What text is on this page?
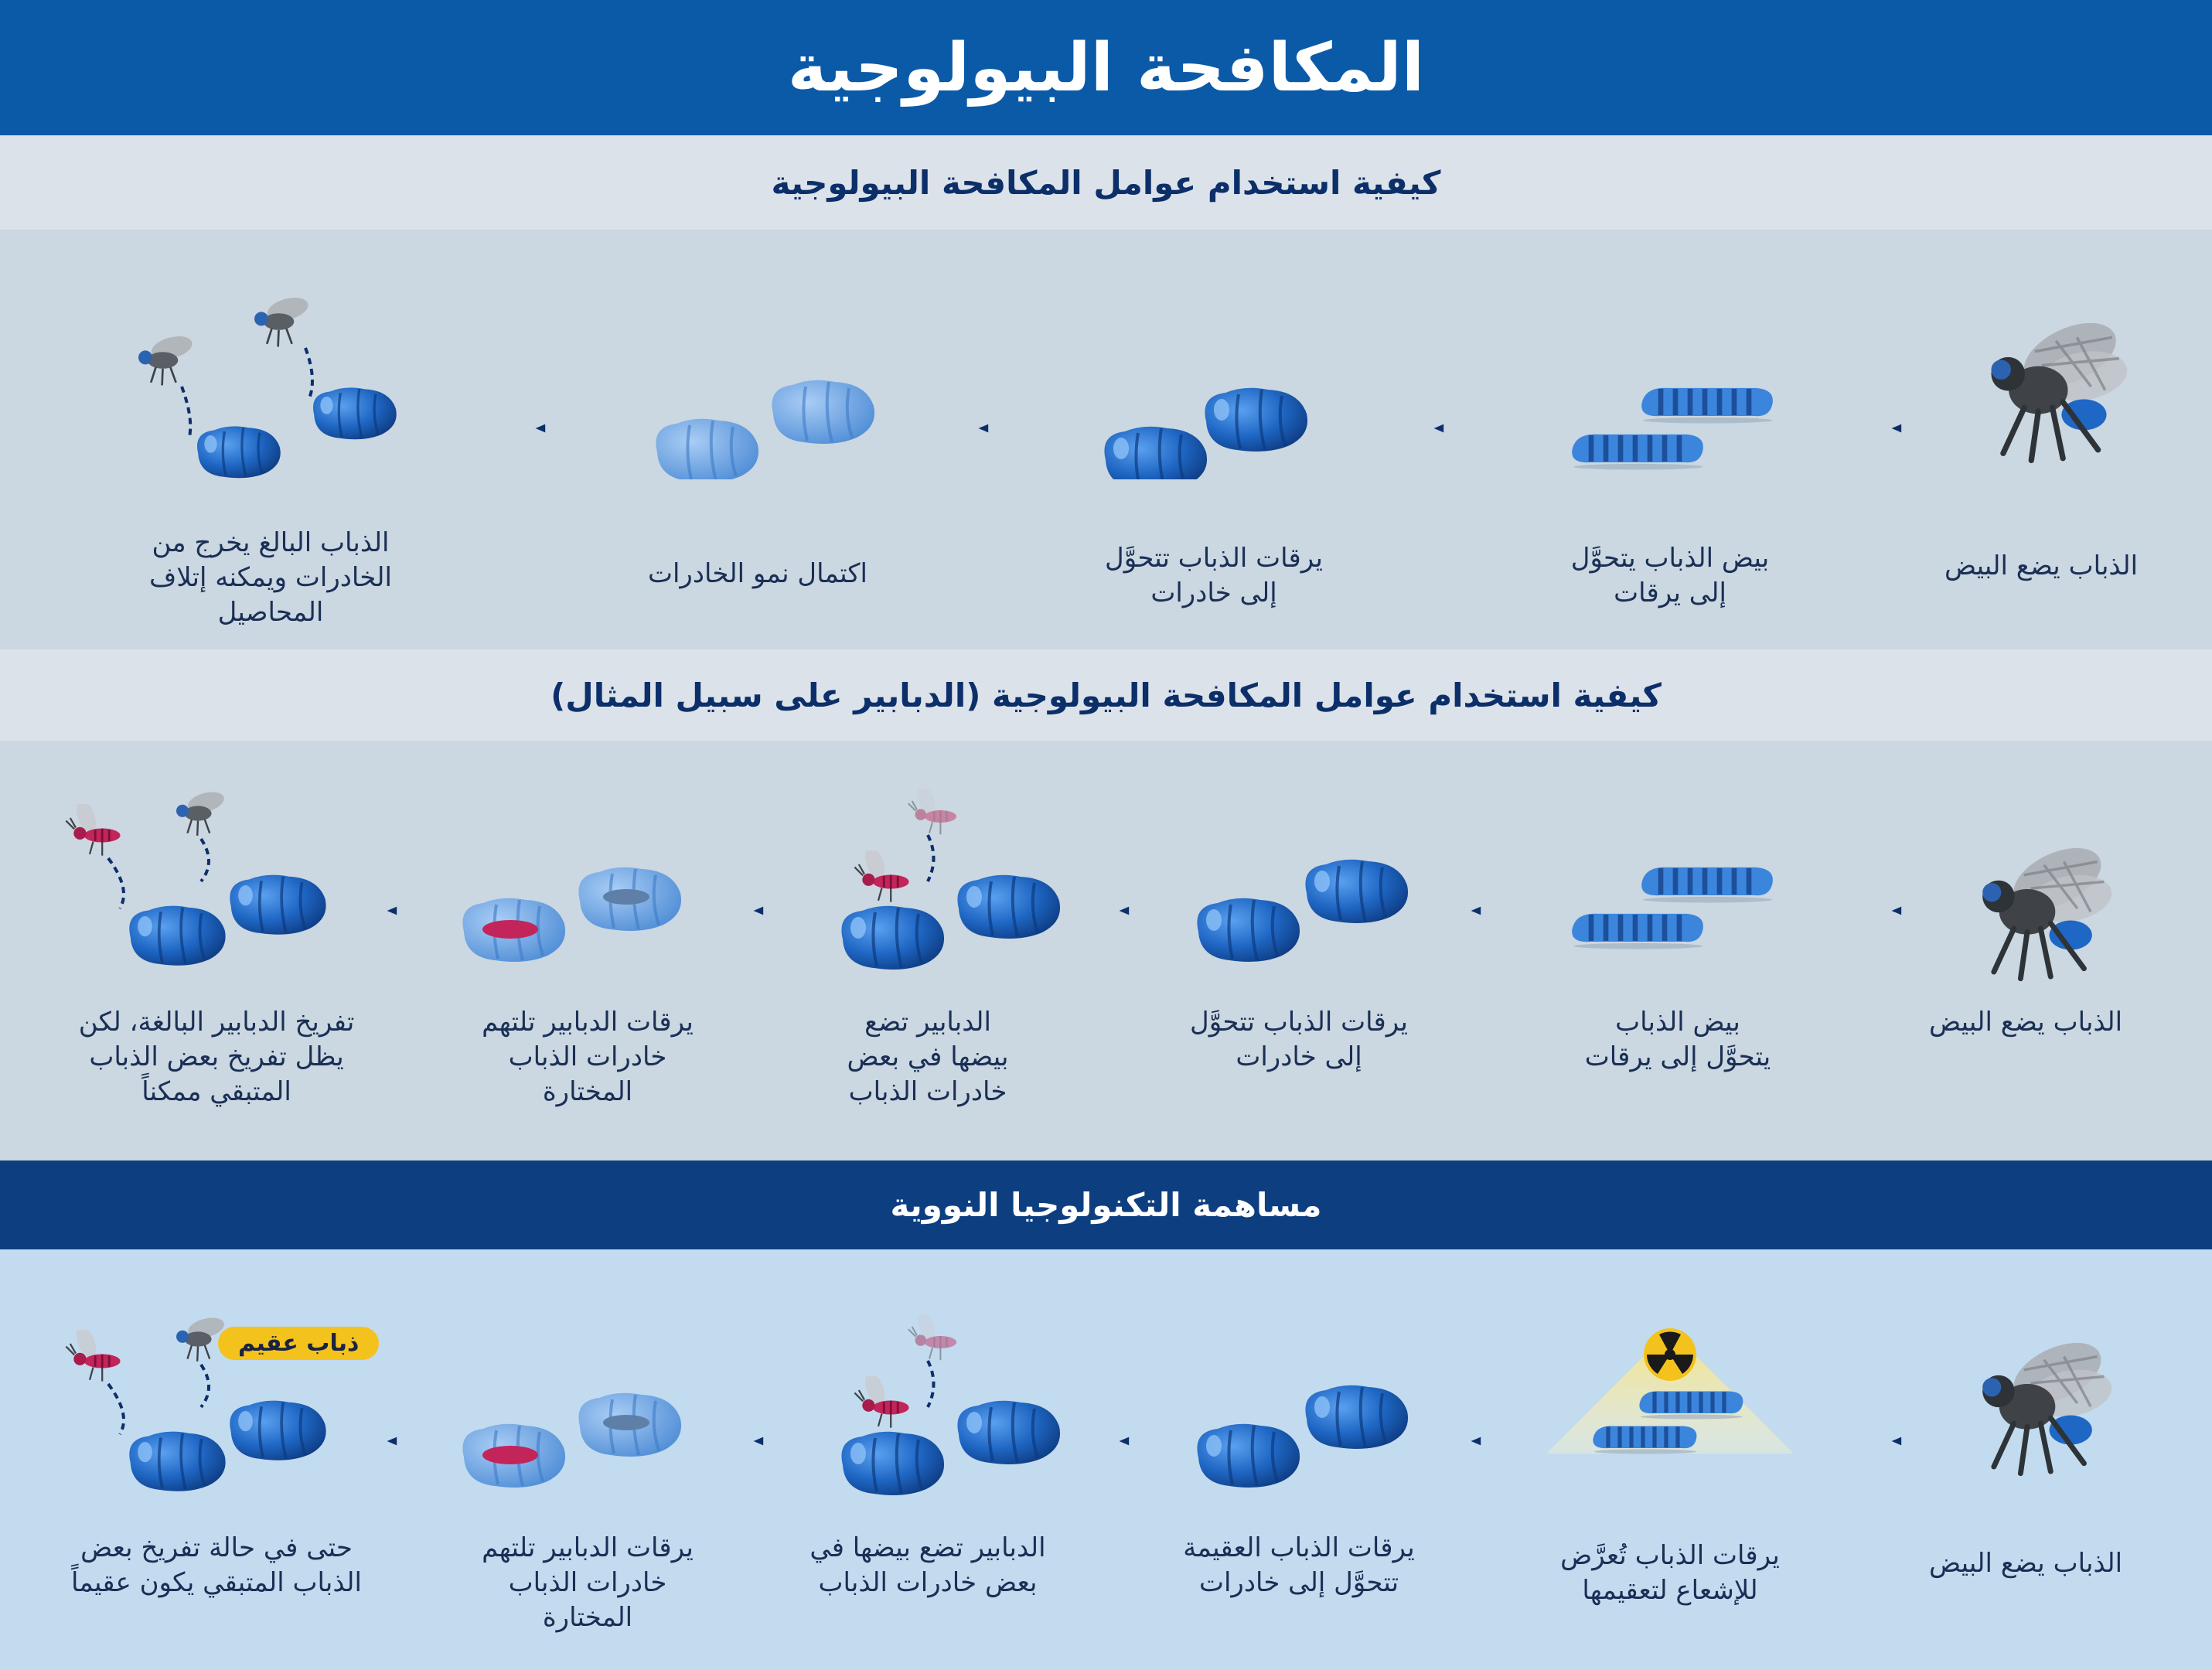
المكافحة البيولوجية
كيفية استخدام عوامل المكافحة البيولوجية
كيفية استخدام عوامل المكافحة البيولوجية (الدبابير على سبيل المثال)
مساهمة التكنولوجيا النووية
الذباب يضع البيض
بيض الذباب يتحوَّل
إلى يرقات
يرقات الذباب تتحوَّل
إلى خادرات
اكتمال نمو الخادرات
الذباب البالغ يخرج من
الخادرات ويمكنه إتلاف
المحاصيل
الذباب يضع البيض
بيض الذباب
يتحوَّل إلى يرقات
يرقات الذباب تتحوَّل
إلى خادرات
الدبابير تضع
بيضها في بعض
خادرات الذباب
يرقات الدبابير تلتهم
خادرات الذباب
المختارة
تفريخ الدبابير البالغة، لكن
يظل تفريخ بعض الذباب
المتبقي ممكناً
الذباب يضع البيض
يرقات الذباب تُعرَّض
للإشعاع لتعقيمها
يرقات الذباب العقيمة
تتحوَّل إلى خادرات
الدبابير تضع بيضها في
بعض خادرات الذباب
يرقات الدبابير تلتهم
خادرات الذباب
المختارة
حتى في حالة تفريخ بعض
الذباب المتبقي يكون عقيماً
ذباب عقيم
